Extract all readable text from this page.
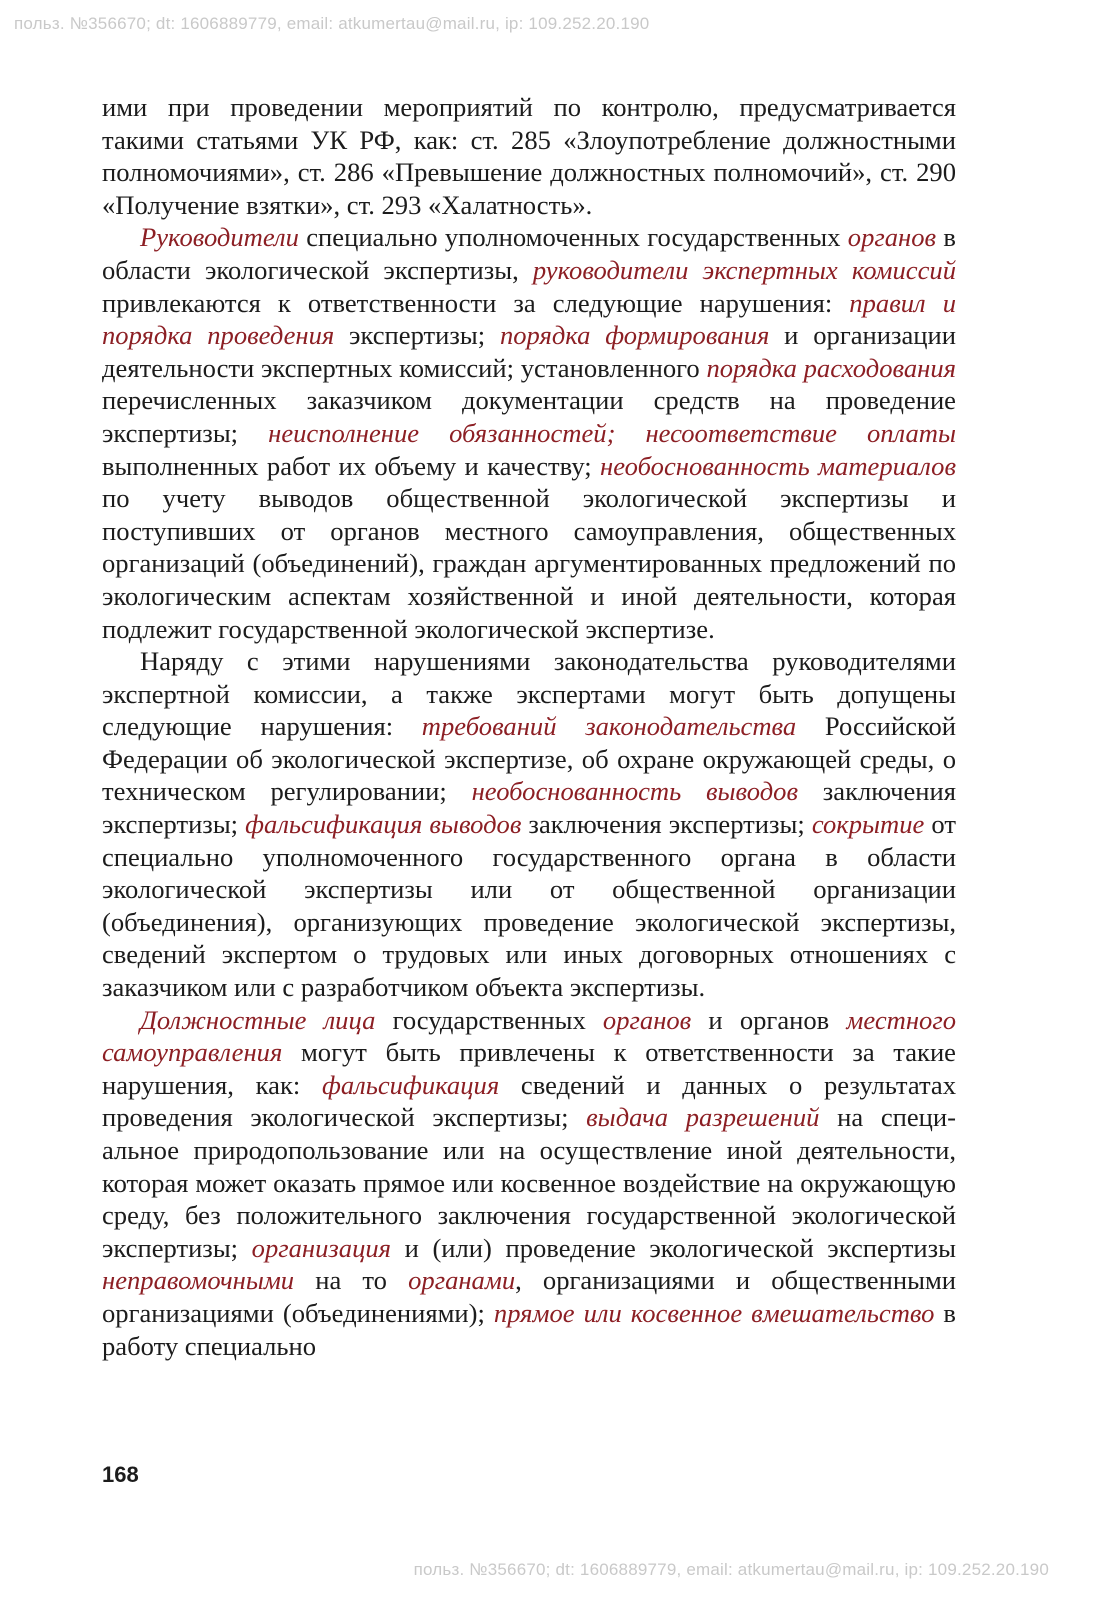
польз. №356670; dt: 1606889779, email: atkumertau@mail.ru, ip: 109.252.20.190

ими при проведении мероприятий по контролю, предусматривается такими статьями УК РФ, как: ст. 285 «Злоупотребление должностными полномочиями», ст. 286 «Превышение должностных полномочий», ст. 290 «Получение взятки», ст. 293 «Халатность».

Руководители специально уполномоченных государственных органов в области экологической экспертизы, руководители экспертных комиссий привлекаются к ответственности за следующие нарушения: правил и порядка проведения экспертизы; порядка формирования и организации деятельности экспертных комиссий; установленного порядка расходования перечисленных заказчиком документации средств на проведение экспертизы; неисполнение обязанностей; несоответствие оплаты выполненных работ их объему и качеству; необоснованность материалов по учету выводов общественной экологической экспертизы и поступивших от органов местного самоуправления, общественных организаций (объединений), граждан аргументированных предложений по экологическим аспектам хозяйственной и иной деятельности, которая подлежит государственной экологической экспертизе.

Наряду с этими нарушениями законодательства руководителями экспертной комиссии, а также экспертами могут быть допущены следующие нарушения: требований законодательства Российской Федерации об экологической экспертизе, об охране окружающей среды, о техническом регулировании; необоснованность выводов заключения экспертизы; фальсификация выводов заключения экспертизы; сокрытие от специально уполномоченного государственного органа в области экологической экспертизы или от общественной организации (объединения), организующих проведение экологической экспертизы, сведений экспертом о трудовых или иных договорных отношениях с заказчиком или с разработчиком объекта экспертизы.

Должностные лица государственных органов и органов местного самоуправления могут быть привлечены к ответственности за такие нарушения, как: фальсификация сведений и данных о результатах проведения экологической экспертизы; выдача разрешений на специальное природопользование или на осуществление иной деятельности, которая может оказать прямое или косвенное воздействие на окружающую среду, без положительного заключения государственной экологической экспертизы; организация и (или) проведение экологической экспертизы неправомочными на то органами, организациями и общественными организациями (объединениями); прямое или косвенное вмешательство в работу специально

168
польз. №356670; dt: 1606889779, email: atkumertau@mail.ru, ip: 109.252.20.190
